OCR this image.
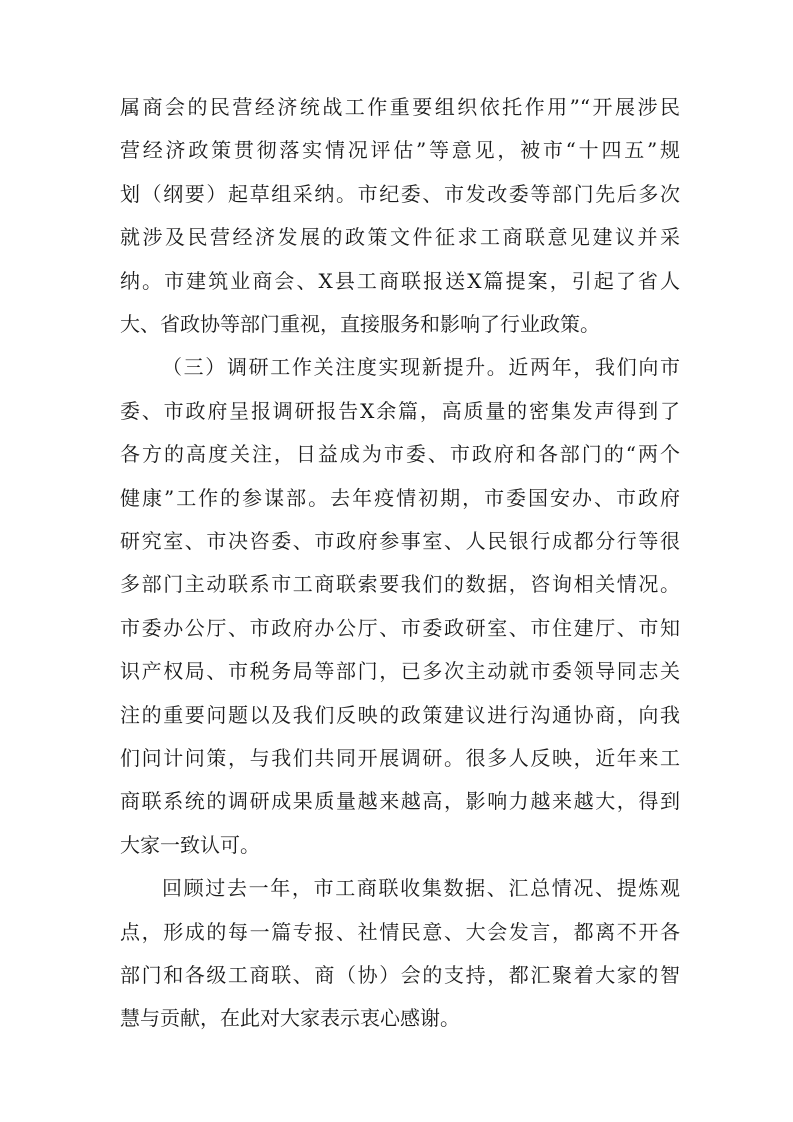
属商会的民营经济统战工作重要组织依托作用”“开展涉民
营经济政策贯彻落实情况评估”等意见，被市“十四五”规
划（纲要）起草组采纳。市纪委、市发改委等部门先后多次
就涉及民营经济发展的政策文件征求工商联意见建议并采
纳。市建筑业商会、X县工商联报送X篇提案，引起了省人
大、省政协等部门重视，直接服务和影响了行业政策。
（三）调研工作关注度实现新提升。近两年，我们向市
委、市政府呈报调研报告X余篇，高质量的密集发声得到了
各方的高度关注，日益成为市委、市政府和各部门的“两个
健康”工作的参谋部。去年疫情初期，市委国安办、市政府
研究室、市决咨委、市政府参事室、人民银行成都分行等很
多部门主动联系市工商联索要我们的数据，咨询相关情况。
市委办公厅、市政府办公厅、市委政研室、市住建厅、市知
识产权局、市税务局等部门，已多次主动就市委领导同志关
注的重要问题以及我们反映的政策建议进行沟通协商，向我
们问计问策，与我们共同开展调研。很多人反映，近年来工
商联系统的调研成果质量越来越高，影响力越来越大，得到
大家一致认可。
回顾过去一年，市工商联收集数据、汇总情况、提炼观
点，形成的每一篇专报、社情民意、大会发言，都离不开各
部门和各级工商联、商（协）会的支持，都汇聚着大家的智
慧与贡献，在此对大家表示衷心感谢。
